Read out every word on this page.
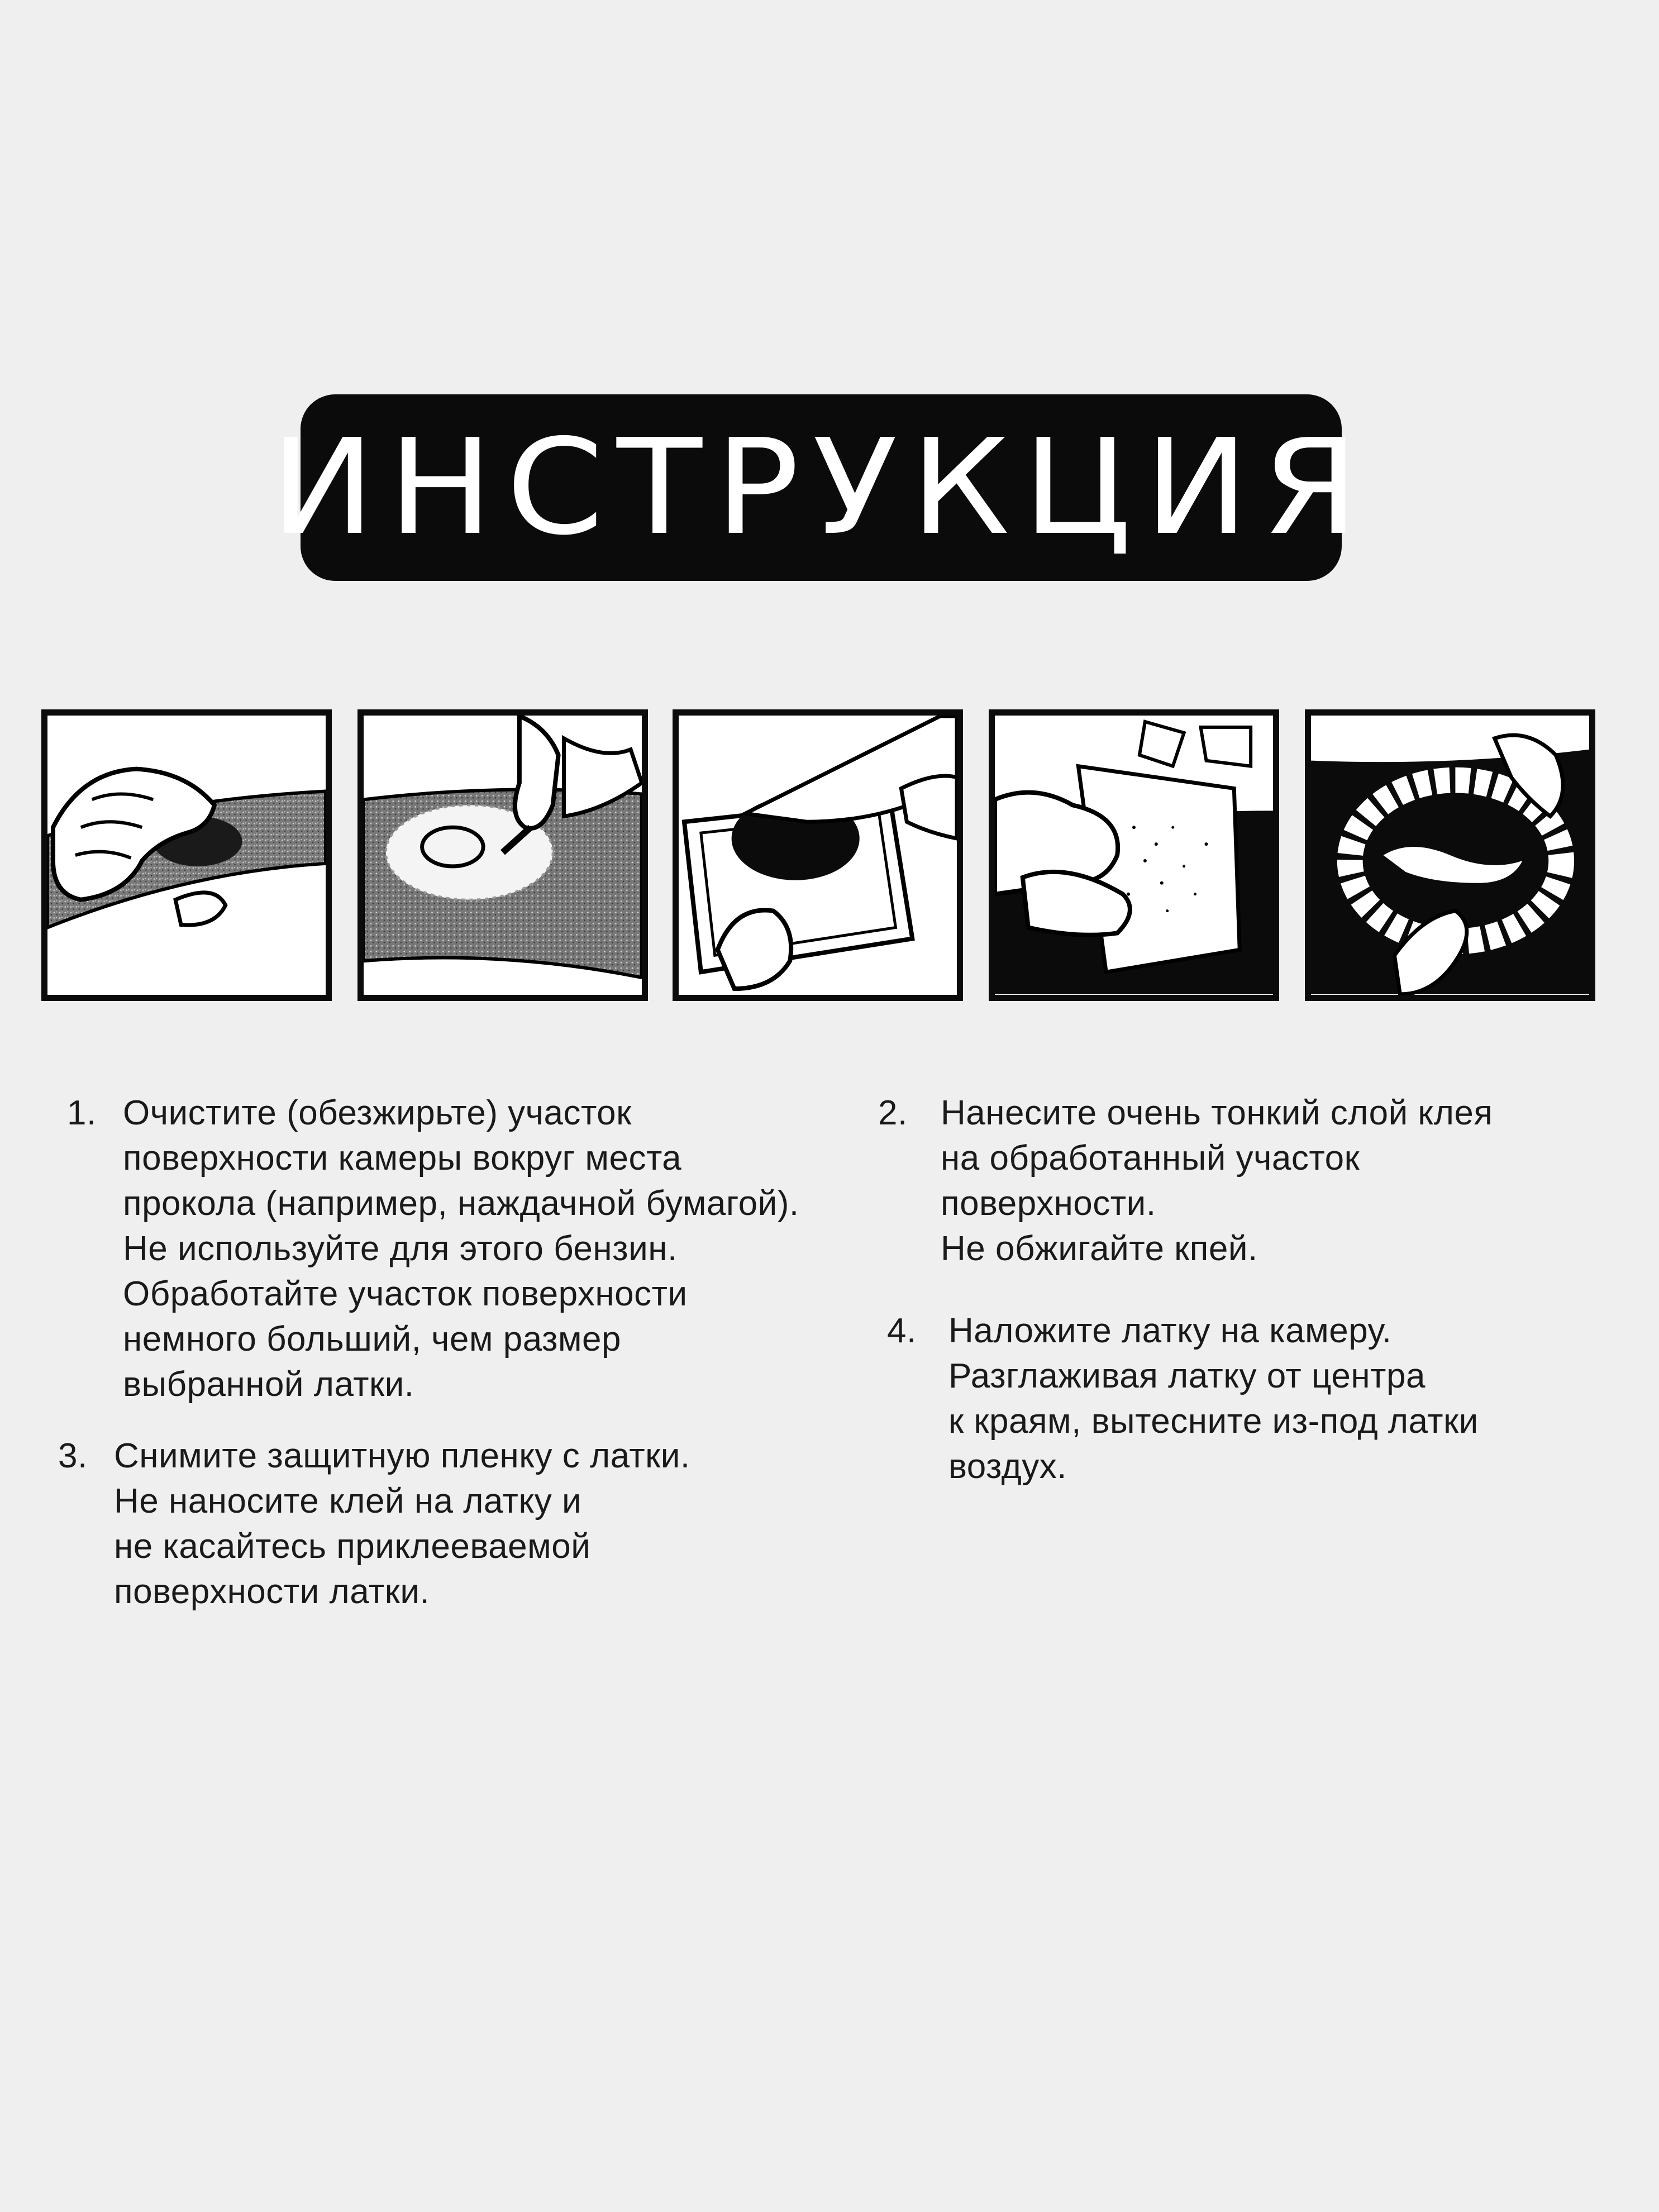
ИНСТРУКЦИЯ
1. Очистите (обезжирьте) участок
поверхности камеры вокруг места
прокола (например, наждачной бумагой).
Не используйте для этого бензин.
Обработайте участок поверхности
немного больший, чем размер
выбранной латки.
2. Нанесите очень тонкий слой клея
на обработанный участок
поверхности.
Не обжигайте кпей.
3. Снимите защитную пленку с латки.
Не наносите клей на латку и
не касайтесь приклееваемой
поверхности латки.
4. Наложите латку на камеру.
Разглаживая латку от центра
к краям, вытесните из-под латки
воздух.
